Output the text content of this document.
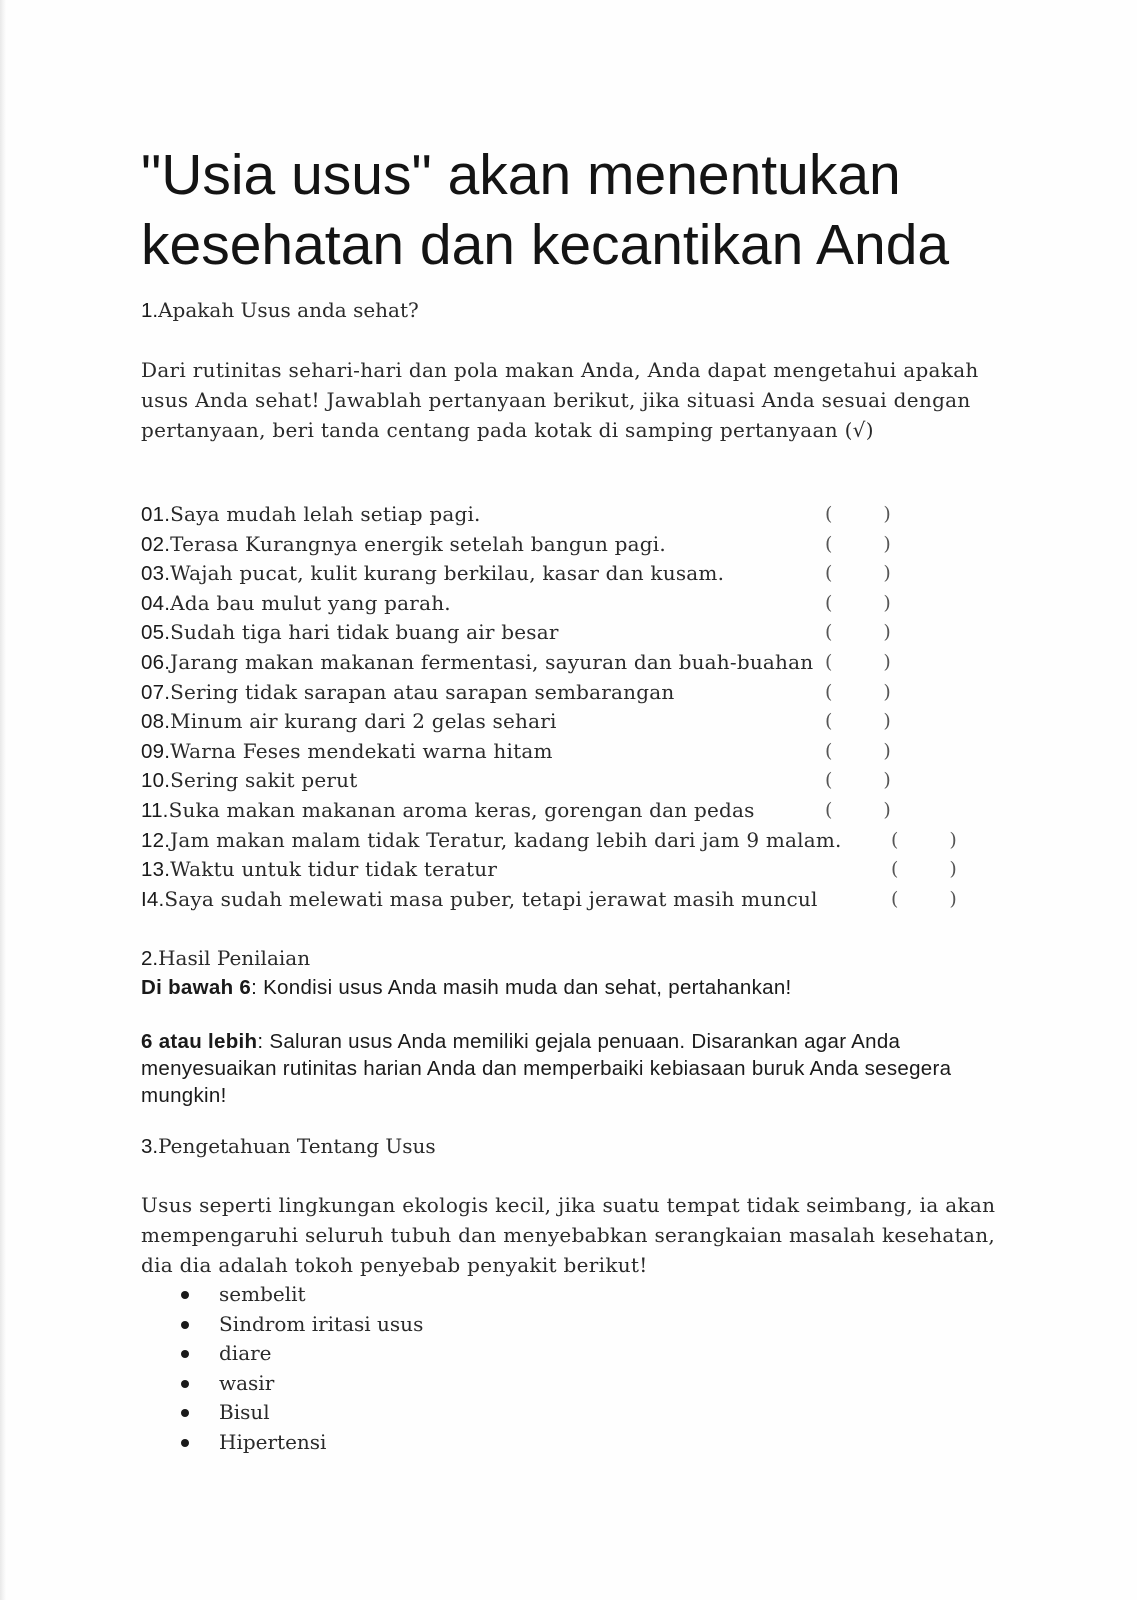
"Usia usus" akan menentukan kesehatan dan kecantikan Anda

1.Apakah Usus anda sehat?

Dari rutinitas sehari-hari dan pola makan Anda, Anda dapat mengetahui apakah usus Anda sehat! Jawablah pertanyaan berikut, jika situasi Anda sesuai dengan pertanyaan, beri tanda centang pada kotak di samping pertanyaan (√)

01.Saya mudah lelah setiap pagi.	(	)
02.Terasa Kurangnya energik setelah bangun pagi.	(	)
03.Wajah pucat, kulit kurang berkilau, kasar dan kusam.	(	)
04.Ada bau mulut yang parah.	(	)
05.Sudah tiga hari tidak buang air besar	(	)
06.Jarang makan makanan fermentasi, sayuran dan buah-buahan (	)
07.Sering tidak sarapan atau sarapan sembarangan	(	)
08.Minum air kurang dari 2 gelas sehari	(	)
09.Warna Feses mendekati warna hitam	(	)
10.Sering sakit perut	(	)
11.Suka makan makanan aroma keras, gorengan dan pedas	(	)
12.Jam makan malam tidak Teratur, kadang lebih dari jam 9 malam.	(	)
13.Waktu untuk tidur tidak teratur	(	)
I4.Saya sudah melewati masa puber, tetapi jerawat masih muncul	(	)

2.Hasil Penilaian

Di bawah 6: Kondisi usus Anda masih muda dan sehat, pertahankan!

6 atau lebih: Saluran usus Anda memiliki gejala penuaan. Disarankan agar Anda menyesuaikan rutinitas harian Anda dan memperbaiki kebiasaan buruk Anda sesegera mungkin!

3.Pengetahuan Tentang Usus

Usus seperti lingkungan ekologis kecil, jika suatu tempat tidak seimbang, ia akan mempengaruhi seluruh tubuh dan menyebabkan serangkaian masalah kesehatan, dia dia adalah tokoh penyebab penyakit berikut!

sembelit
Sindrom iritasi usus
diare
wasir
Bisul
Hipertensi
